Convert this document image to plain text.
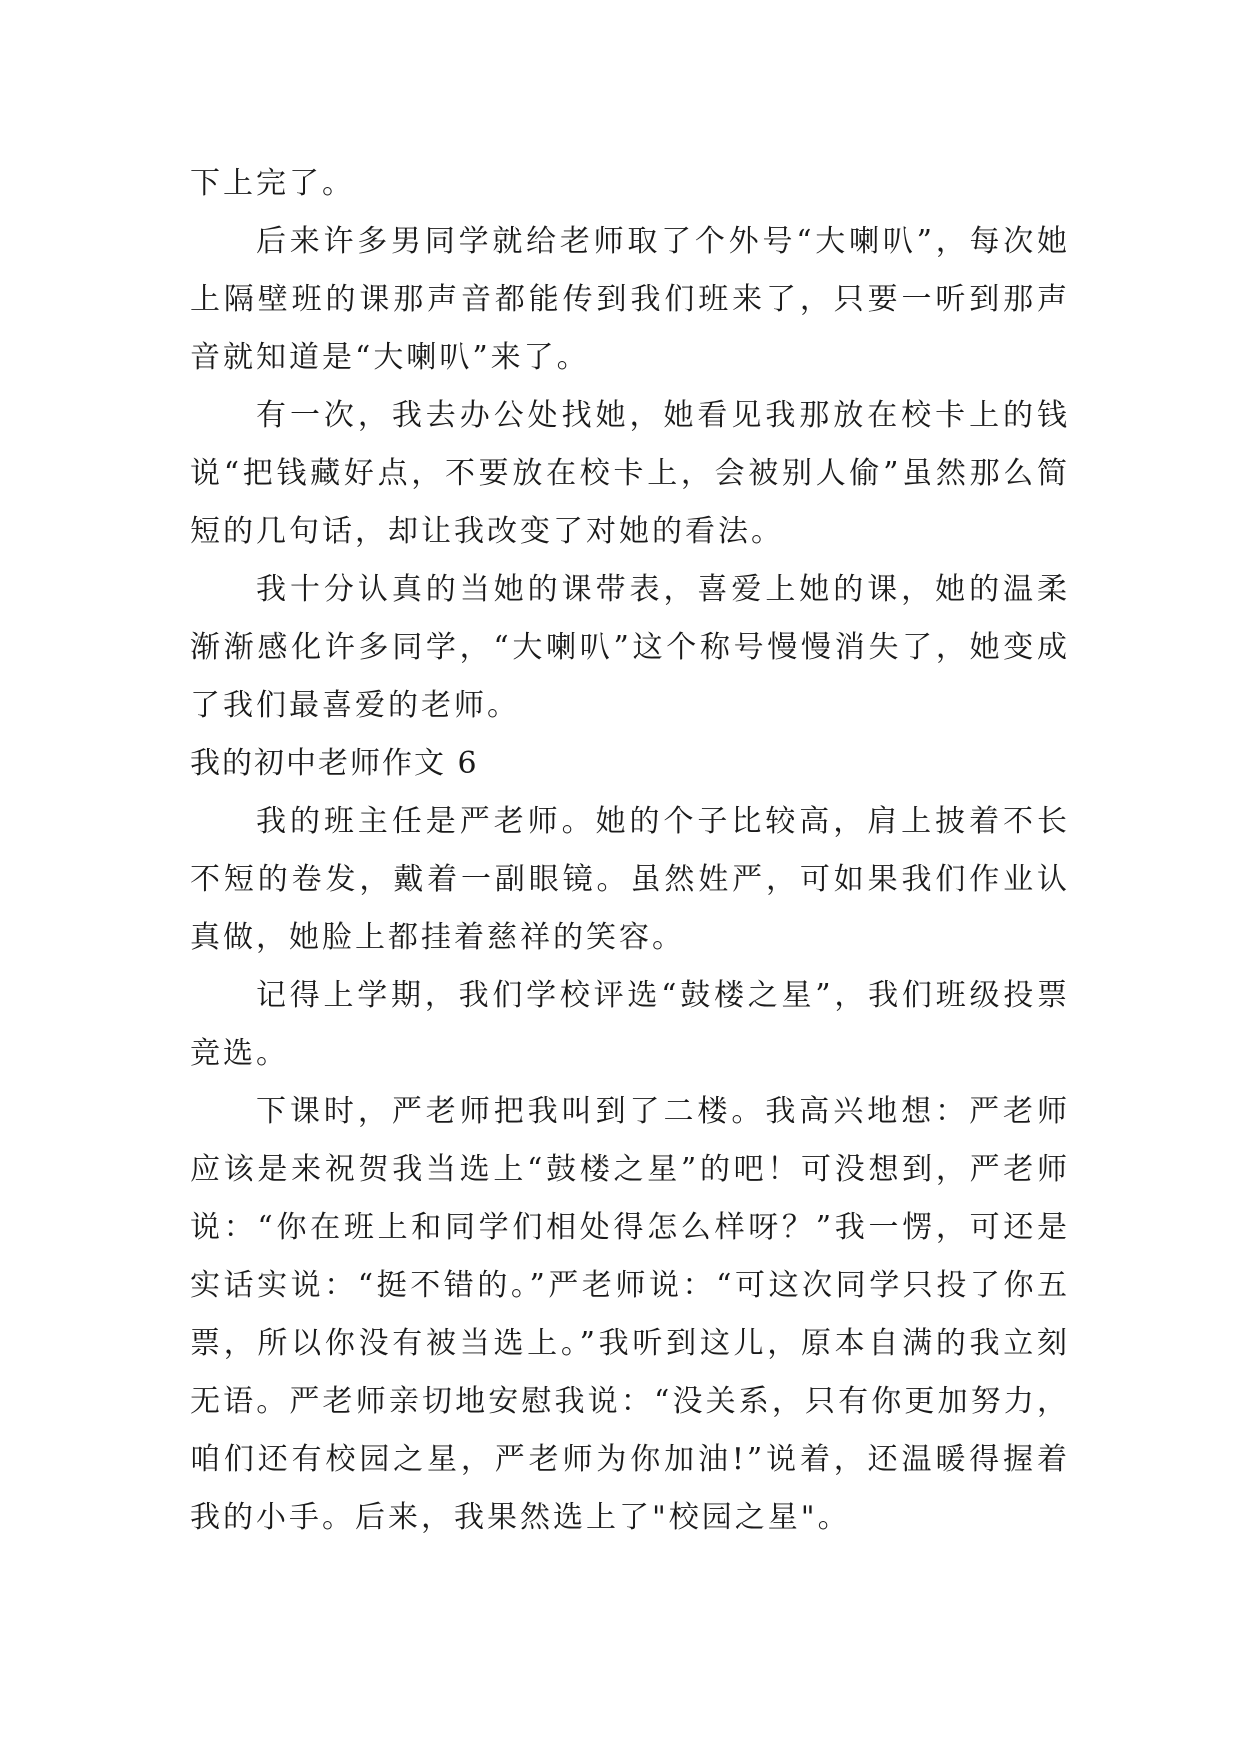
下上完了。

后来许多男同学就给老师取了个外号“大喇叭”，每次她上隔壁班的课那声音都能传到我们班来了，只要一听到那声音就知道是“大喇叭”来了。

有一次，我去办公处找她，她看见我那放在校卡上的钱说“把钱藏好点，不要放在校卡上，会被别人偷”虽然那么简短的几句话，却让我改变了对她的看法。

我十分认真的当她的课带表，喜爱上她的课，她的温柔渐渐感化许多同学，“大喇叭”这个称号慢慢消失了，她变成了我们最喜爱的老师。

我的初中老师作文 6

我的班主任是严老师。她的个子比较高，肩上披着不长不短的卷发，戴着一副眼镜。虽然姓严，可如果我们作业认真做，她脸上都挂着慈祥的笑容。

记得上学期，我们学校评选“鼓楼之星”，我们班级投票竞选。

下课时，严老师把我叫到了二楼。我高兴地想：严老师应该是来祝贺我当选上“鼓楼之星”的吧！可没想到，严老师说：“你在班上和同学们相处得怎么样呀？”我一愣，可还是实话实说：“挺不错的。”严老师说：“可这次同学只投了你五票，所以你没有被当选上。”我听到这儿，原本自满的我立刻无语。严老师亲切地安慰我说：“没关系，只有你更加努力，咱们还有校园之星，严老师为你加油!”说着，还温暖得握着我的小手。后来，我果然选上了"校园之星"。
